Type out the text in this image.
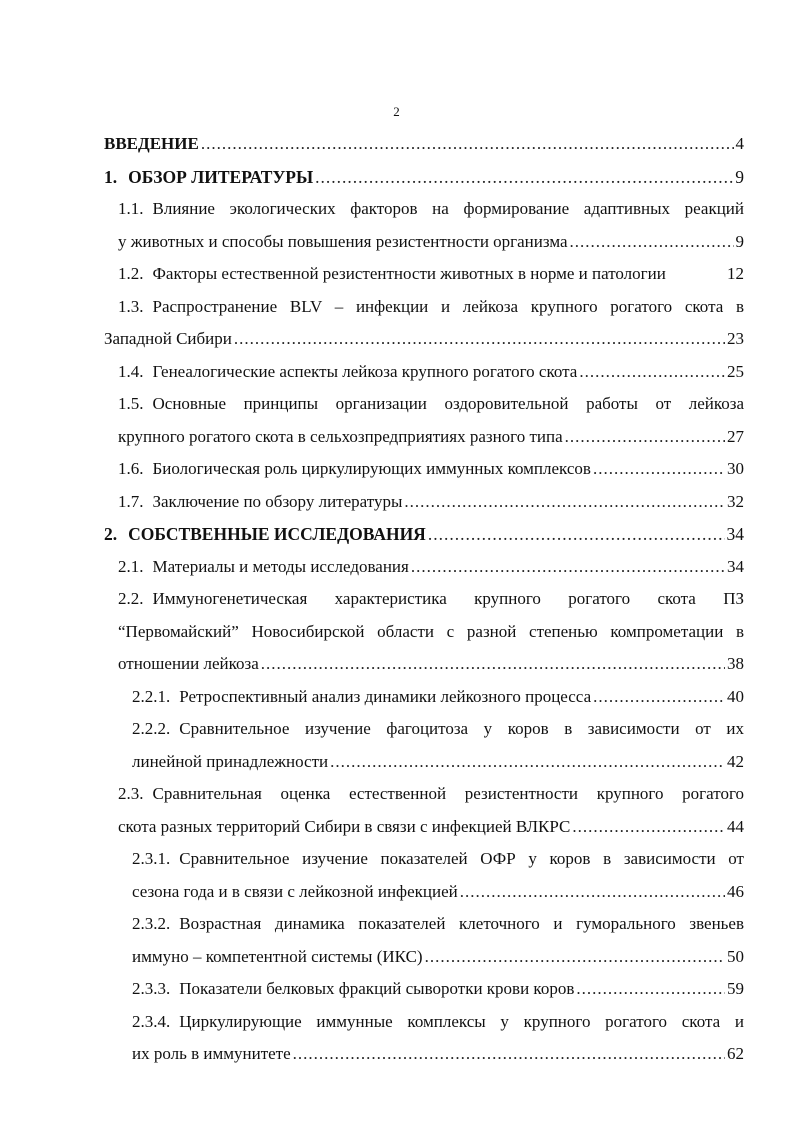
2
ВВЕДЕНИЕ .....	4
1. ОБЗОР ЛИТЕРАТУРЫ .....	9
1.1. Влияние экологических факторов на формирование адаптивных реакций
у животных и способы повышения резистентности организма .....	9
1.2. Факторы естественной резистентности животных в норме и патологии	12
1.3. Распространение BLV – инфекции и лейкоза крупного рогатого скота в
Западной Сибири .....	23
1.4. Генеалогические аспекты лейкоза крупного рогатого скота .....	25
1.5. Основные принципы организации оздоровительной работы от лейкоза
крупного рогатого скота в сельхозпредприятиях разного типа .....	27
1.6. Биологическая роль циркулирующих иммунных комплексов .....	30
1.7. Заключение по обзору литературы .....	32
2. СОБСТВЕННЫЕ ИССЛЕДОВАНИЯ .....	34
2.1. Материалы и методы исследования .....	34
2.2. Иммуногенетическая характеристика крупного рогатого скота ПЗ
“Первомайский” Новосибирской области с разной степенью компрометации в
отношении лейкоза .....	38
2.2.1. Ретроспективный анализ динамики лейкозного процесса .....	40
2.2.2. Сравнительное изучение фагоцитоза у коров в зависимости от их
линейной принадлежности .....	42
2.3. Сравнительная оценка естественной резистентности крупного рогатого
скота разных территорий Сибири в связи с инфекцией ВЛКРС .....	44
2.3.1. Сравнительное изучение показателей ОФР у коров в зависимости от
сезона года и в связи с лейкозной инфекцией .....	46
2.3.2. Возрастная динамика показателей клеточного и гуморального звеньев
иммуно – компетентной системы (ИКС) .....	50
2.3.3. Показатели белковых фракций сыворотки крови коров .....	59
2.3.4. Циркулирующие иммунные комплексы у крупного рогатого скота и
их роль в иммунитете .....	62
